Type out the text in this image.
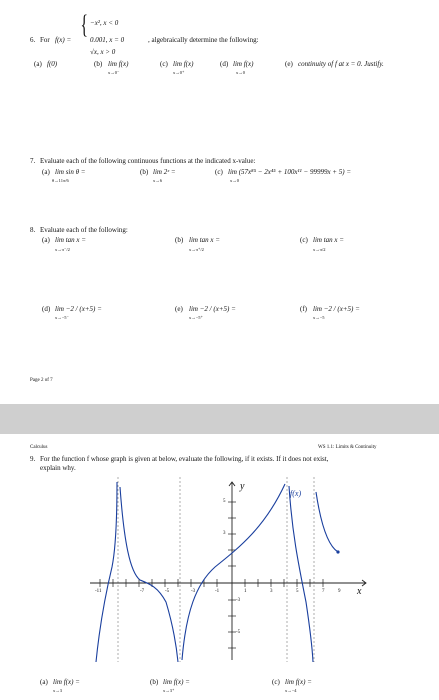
6. For f(x) =
{ −x², x < 0
0.001, x = 0
√x, x > 0
, algebraically determine the following:
(a) f(0)	(b) lim f(x)
x→0⁻
(c) lim f(x)
x→0⁺
(d) lim f(x)
x→0
(e) continuity of f at x = 0. Justify.
7. Evaluate each of the following continuous functions at the indicated x-value:
(a) lim sin θ =
θ→11π/6
(b) lim 2ˣ =
x→6
(c) lim (57x⁸⁵ − 2x⁴⁵ + 100x¹¹ − 99999x + 5) =
x→0
8. Evaluate each of the following:
(a) lim tan x =
x→π⁻/2
(b) lim tan x =
x→π⁺/2
(c) lim tan x =
x→π/2
(d) lim −2 / (x+5) =
x→−5⁻
(e) lim −2 / (x+5) =
x→−5⁺
(f) lim −2 / (x+5) =
x→−5
Page 2 of 7
Calculus	WS 1.1: Limits & Continuity
9. For the function f whose graph is given at below, evaluate the following, if it exists. If it does not exist,
explain why.
y
x
f(x)
-11	-7	-5	-3	-1	1	3	5	7	9
5
3
-3
-5
(a) lim f(x) =
x→3
(b) lim f(x) =
x→3⁺
(c) lim f(x) =
x→−4
